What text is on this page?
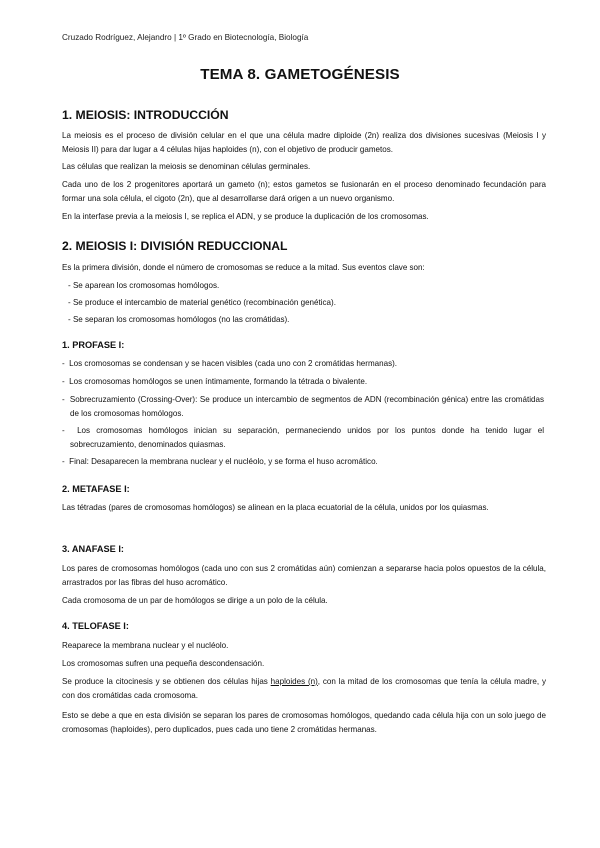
Cruzado Rodríguez, Alejandro | 1º Grado en Biotecnología, Biología
TEMA 8. GAMETOGÉNESIS
1. MEIOSIS: INTRODUCCIÓN
La meiosis es el proceso de división celular en el que una célula madre diploide (2n) realiza dos divisiones sucesivas (Meiosis I y Meiosis II) para dar lugar a 4 células hijas haploides (n), con el objetivo de producir gametos.
Las células que realizan la meiosis se denominan células germinales.
Cada uno de los 2 progenitores aportará un gameto (n); estos gametos se fusionarán en el proceso denominado fecundación para formar una sola célula, el cigoto (2n), que al desarrollarse dará origen a un nuevo organismo.
En la interfase previa a la meiosis I, se replica el ADN, y se produce la duplicación de los cromosomas.
2. MEIOSIS I: DIVISIÓN REDUCCIONAL
Es la primera división, donde el número de cromosomas se reduce a la mitad. Sus eventos clave son:
- Se aparean los cromosomas homólogos.
- Se produce el intercambio de material genético (recombinación genética).
- Se separan los cromosomas homólogos (no las cromátidas).
1. PROFASE I:
- Los cromosomas se condensan y se hacen visibles (cada uno con 2 cromátidas hermanas).
- Los cromosomas homólogos se unen íntimamente, formando la tétrada o bivalente.
- Sobrecruzamiento (Crossing-Over): Se produce un intercambio de segmentos de ADN (recombinación génica) entre las cromátidas de los cromosomas homólogos.
- Los cromosomas homólogos inician su separación, permaneciendo unidos por los puntos donde ha tenido lugar el sobrecruzamiento, denominados quiasmas.
- Final: Desaparecen la membrana nuclear y el nucléolo, y se forma el huso acromático.
2. METAFASE I:
Las tétradas (pares de cromosomas homólogos) se alinean en la placa ecuatorial de la célula, unidos por los quiasmas.
3. ANAFASE I:
Los pares de cromosomas homólogos (cada uno con sus 2 cromátidas aún) comienzan a separarse hacia polos opuestos de la célula, arrastrados por las fibras del huso acromático.
Cada cromosoma de un par de homólogos se dirige a un polo de la célula.
4. TELOFASE I:
Reaparece la membrana nuclear y el nucléolo.
Los cromosomas sufren una pequeña descondensación.
Se produce la citocinesis y se obtienen dos células hijas haploides (n), con la mitad de los cromosomas que tenía la célula madre, y con dos cromátidas cada cromosoma.
Esto se debe a que en esta división se separan los pares de cromosomas homólogos, quedando cada célula hija con un solo juego de cromosomas (haploides), pero duplicados, pues cada uno tiene 2 cromátidas hermanas.
